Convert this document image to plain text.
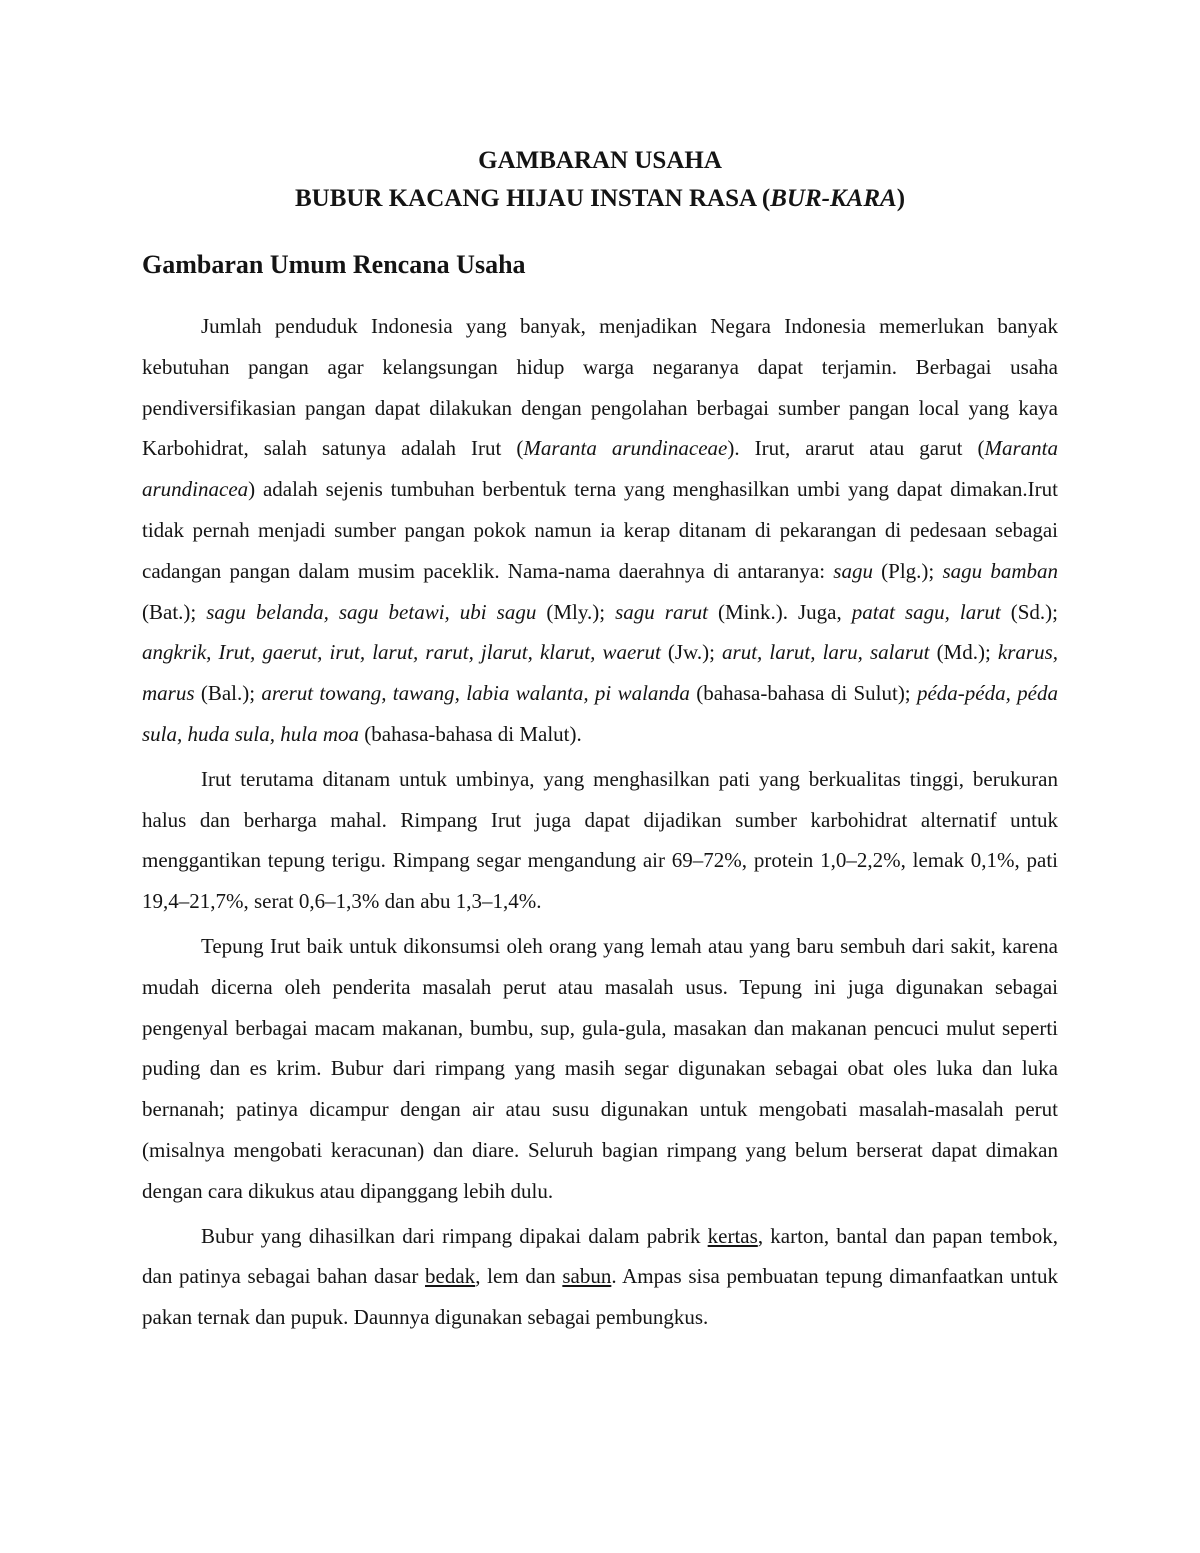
GAMBARAN USAHA
BUBUR KACANG HIJAU INSTAN RASA (BUR-KARA)
Gambaran Umum Rencana Usaha

Jumlah penduduk Indonesia yang banyak, menjadikan Negara Indonesia memerlukan banyak kebutuhan pangan agar kelangsungan hidup warga negaranya dapat terjamin. Berbagai usaha pendiversifikasian pangan dapat dilakukan dengan pengolahan berbagai sumber pangan local yang kaya Karbohidrat, salah satunya adalah Irut (Maranta arundinaceae). Irut, ararut atau garut (Maranta arundinacea) adalah sejenis tumbuhan berbentuk terna yang menghasilkan umbi yang dapat dimakan.Irut tidak pernah menjadi sumber pangan pokok namun ia kerap ditanam di pekarangan di pedesaan sebagai cadangan pangan dalam musim paceklik. Nama-nama daerahnya di antaranya: sagu (Plg.); sagu bamban (Bat.); sagu belanda, sagu betawi, ubi sagu (Mly.); sagu rarut (Mink.). Juga, patat sagu, larut (Sd.); angkrik, Irut, gaerut, irut, larut, rarut, jlarut, klarut, waerut (Jw.); arut, larut, laru, salarut (Md.); krarus, marus (Bal.); arerut towang, tawang, labia walanta, pi walanda (bahasa-bahasa di Sulut); péda-péda, péda sula, huda sula, hula moa (bahasa-bahasa di Malut).

Irut terutama ditanam untuk umbinya, yang menghasilkan pati yang berkualitas tinggi, berukuran halus dan berharga mahal. Rimpang Irut juga dapat dijadikan sumber karbohidrat alternatif untuk menggantikan tepung terigu. Rimpang segar mengandung air 69–72%, protein 1,0–2,2%, lemak 0,1%, pati 19,4–21,7%, serat 0,6–1,3% dan abu 1,3–1,4%.

Tepung Irut baik untuk dikonsumsi oleh orang yang lemah atau yang baru sembuh dari sakit, karena mudah dicerna oleh penderita masalah perut atau masalah usus. Tepung ini juga digunakan sebagai pengenyal berbagai macam makanan, bumbu, sup, gula-gula, masakan dan makanan pencuci mulut seperti puding dan es krim. Bubur dari rimpang yang masih segar digunakan sebagai obat oles luka dan luka bernanah; patinya dicampur dengan air atau susu digunakan untuk mengobati masalah-masalah perut (misalnya mengobati keracunan) dan diare. Seluruh bagian rimpang yang belum berserat dapat dimakan dengan cara dikukus atau dipanggang lebih dulu.

Bubur yang dihasilkan dari rimpang dipakai dalam pabrik kertas, karton, bantal dan papan tembok, dan patinya sebagai bahan dasar bedak, lem dan sabun. Ampas sisa pembuatan tepung dimanfaatkan untuk pakan ternak dan pupuk. Daunnya digunakan sebagai pembungkus.
